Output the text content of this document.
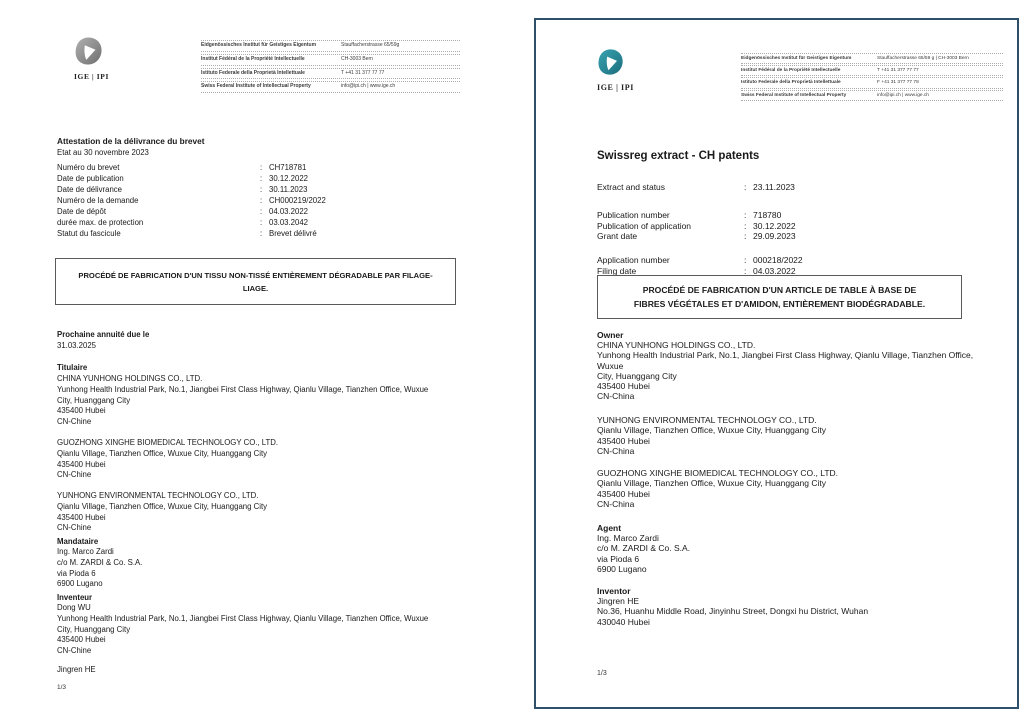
IGE | IPI
Eidgenössisches Institut für Geistiges Eigentum	Stauffacherstrasse 65/59g
Institut Fédéral de la Propriété Intellectuelle	CH-3003 Bern
Istituto Federale della Proprietà Intellettuale	T +41 31 377 77 77
Swiss Federal Institute of Intellectual Property	info@ipi.ch | www.ige.ch
Attestation de la délivrance du brevet
Etat au 30 novembre 2023
Numéro du brevet	: CH718781
Date de publication	: 30.12.2022
Date de délivrance	: 30.11.2023
Numéro de la demande	: CH000219/2022
Date de dépôt	: 04.03.2022
durée max. de protection	: 03.03.2042
Statut du fascicule	: Brevet délivré
PROCÉDÉ DE FABRICATION D'UN TISSU NON-TISSÉ ENTIÈREMENT DÉGRADABLE PAR FILAGE-
LIAGE.
Prochaine annuité due le
31.03.2025
Titulaire
CHINA YUNHONG HOLDINGS CO., LTD.
Yunhong Health Industrial Park, No.1, Jiangbei First Class Highway, Qianlu Village, Tianzhen Office, Wuxue
City, Huanggang City
435400 Hubei
CN-Chine
GUOZHONG XINGHE BIOMEDICAL TECHNOLOGY CO., LTD.
Qianlu Village, Tianzhen Office, Wuxue City, Huanggang City
435400 Hubei
CN-Chine
YUNHONG ENVIRONMENTAL TECHNOLOGY CO., LTD.
Qianlu Village, Tianzhen Office, Wuxue City, Huanggang City
435400 Hubei
CN-Chine
Mandataire
Ing. Marco Zardi
c/o M. ZARDI & Co. S.A.
via Pioda 6
6900 Lugano
Inventeur
Dong WU
Yunhong Health Industrial Park, No.1, Jiangbei First Class Highway, Qianlu Village, Tianzhen Office, Wuxue
City, Huanggang City
435400 Hubei
CN-Chine
Jingren HE
1/3
IGE | IPI
Eidgenössisches Institut für Geistiges Eigentum	Stauffacherstrasse 65/59 g | CH-3003 Bern
Institut Fédéral de la Propriété Intellectuelle	T +41 31 377 77 77
Istituto Federale della Proprietà Intellettuale	F +41 31 377 77 78
Swiss Federal Institute of Intellectual Property	info@ipi.ch | www.ige.ch
Swissreg extract - CH patents
Extract and status	: 23.11.2023
Publication number	: 718780
Publication of application	: 30.12.2022
Grant date	: 29.09.2023
Application number	: 000218/2022
Filing date	: 04.03.2022
PROCÉDÉ DE FABRICATION D'UN ARTICLE DE TABLE À BASE DE
FIBRES VÉGÉTALES ET D'AMIDON, ENTIÈREMENT BIODÉGRADABLE.
Owner
CHINA YUNHONG HOLDINGS CO., LTD.
Yunhong Health Industrial Park, No.1, Jiangbei First Class Highway, Qianlu Village, Tianzhen Office,
Wuxue
City, Huanggang City
435400 Hubei
CN-China
YUNHONG ENVIRONMENTAL TECHNOLOGY CO., LTD.
Qianlu Village, Tianzhen Office, Wuxue City, Huanggang City
435400 Hubei
CN-China
GUOZHONG XINGHE BIOMEDICAL TECHNOLOGY CO., LTD.
Qianlu Village, Tianzhen Office, Wuxue City, Huanggang City
435400 Hubei
CN-China
Agent
Ing. Marco Zardi
c/o M. ZARDI & Co. S.A.
via Pioda 6
6900 Lugano
Inventor
Jingren HE
No.36, Huanhu Middle Road, Jinyinhu Street, Dongxi hu District, Wuhan
430040 Hubei
1/3
